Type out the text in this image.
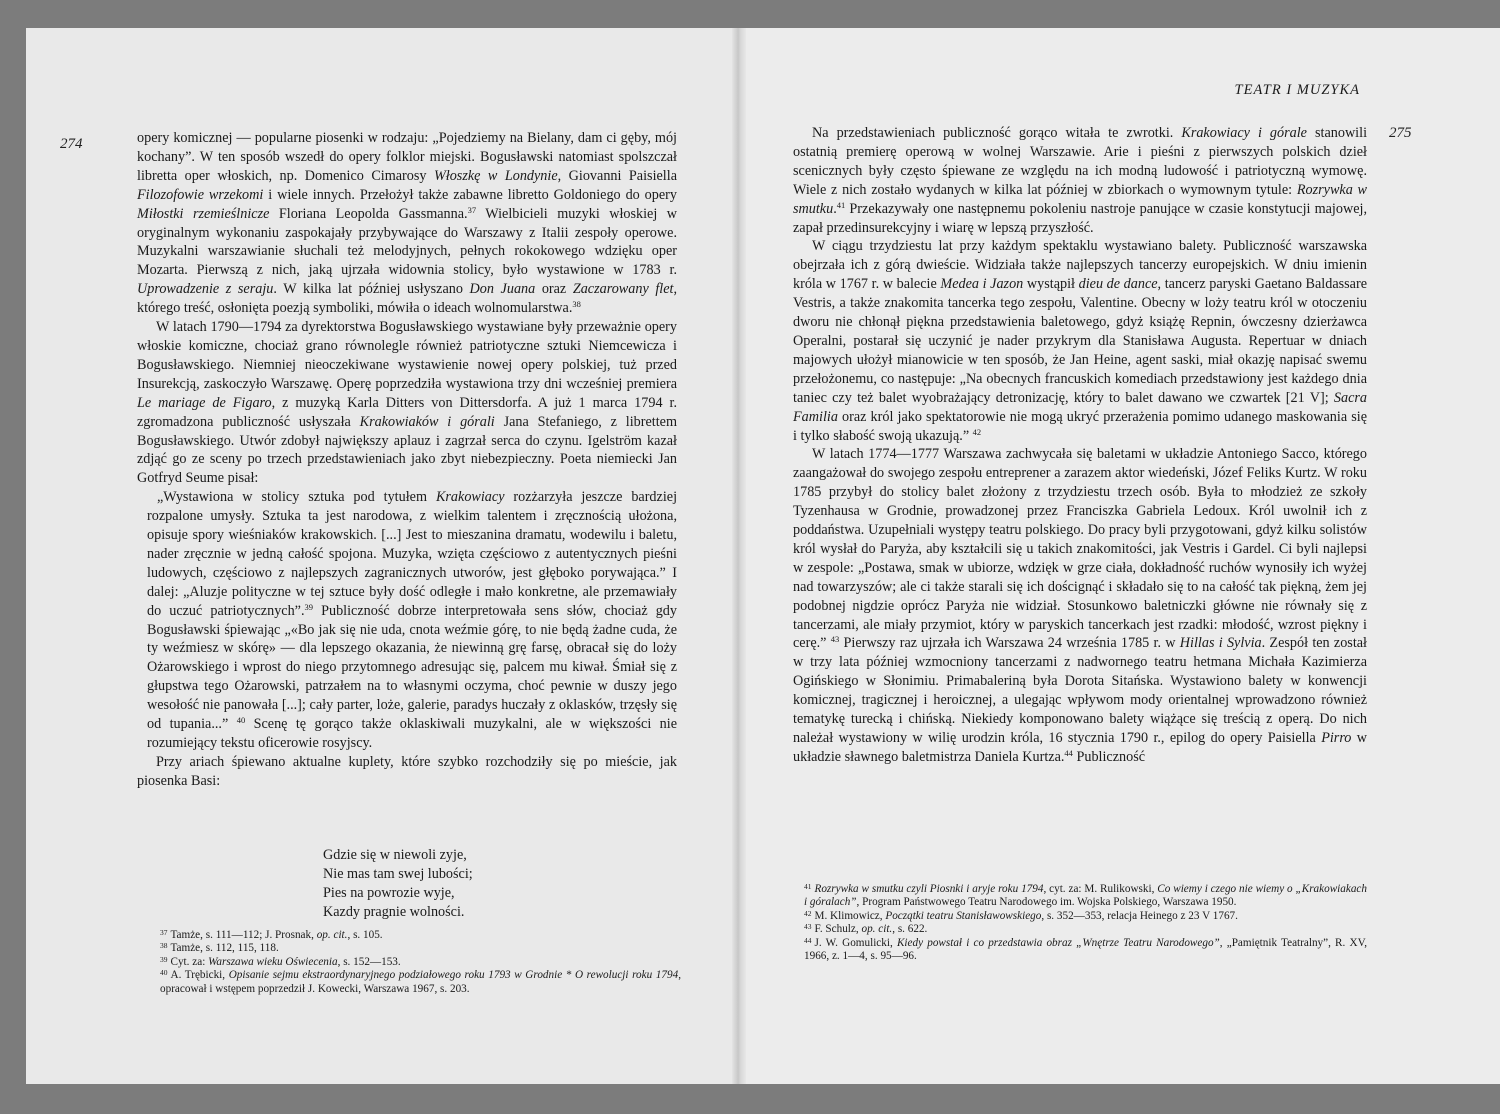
274	opery komicznej — popularne piosenki w rodzaju: „Pojedziemy na Bielany, dam ci gęby, mój kochany”. W ten sposób wszedł do opery folklor miejski. Bogusławski natomiast spolszczał libretta oper włoskich, np. Domenico Cimarosy Włoszkę w Londynie, Giovanni Paisiella Filozofowie wrzekomi i wiele innych. Przełożył także zabawne libretto Goldoniego do opery Miłostki rzemieślnicze Floriana Leopolda Gassmanna.$^{37}$ Wielbicieli muzyki włoskiej w oryginalnym wykonaniu zaspokajały przybywające do Warszawy z Italii zespoły operowe. Muzykalni warszawianie słuchali też melodyjnych, pełnych rokokowego wdzięku oper Mozarta. Pierwszą z nich, jaką ujrzała widownia stolicy, było wystawione w 1783 r. Uprowadzenie z seraju. W kilka lat później usłyszano Don Juana oraz Zaczarowany flet, którego treść, osłonięta poezją symboliki, mówiła o ideach wolnomularstwa.$^{38}$

W latach 1790—1794 za dyrektorstwa Bogusławskiego wystawiane były przeważnie opery włoskie komiczne, chociaż grano równolegle również patriotyczne sztuki Niemcewicza i Bogusławskiego. Niemniej nieoczekiwane wystawienie nowej opery polskiej, tuż przed Insurekcją, zaskoczyło Warszawę. Operę poprzedziła wystawiona trzy dni wcześniej premiera Le mariage de Figaro, z muzyką Karla Ditters von Dittersdorfa. A już 1 marca 1794 r. zgromadzona publiczność usłyszała Krakowiaków i górali Jana Stefaniego, z librettem Bogusławskiego. Utwór zdobył największy aplauz i zagrzał serca do czynu. Igelström kazał zdjąć go ze sceny po trzech przedstawieniach jako zbyt niebezpieczny. Poeta niemiecki Jan Gotfryd Seume pisał:

„Wystawiona w stolicy sztuka pod tytułem Krakowiacy rozżarzyła jeszcze bardziej rozpalone umysły. Sztuka ta jest narodowa, z wielkim talentem i zręcznością ułożona, opisuje spory wieśniaków krakowskich. [...] Jest to mieszanina dramatu, wodewilu i baletu, nader zręcznie w jedną całość spojona. Muzyka, wzięta częściowo z autentycznych pieśni ludowych, częściowo z najlepszych zagranicznych utworów, jest głęboko porywająca.” I dalej: „Aluzje polityczne w tej sztuce były dość odległe i mało konkretne, ale przemawiały do uczuć patriotycznych”.$^{39}$ Publiczność dobrze interpretowała sens słów, chociaż gdy Bogusławski śpiewając „«Bo jak się nie uda, cnota weźmie górę, to nie będą żadne cuda, że ty weźmiesz w skórę» — dla lepszego okazania, że niewinną grę farsę, obracał się do loży Ożarowskiego i wprost do niego przytomnego adresując się, palcem mu kiwał. Śmiał się z głupstwa tego Ożarowski, patrzałem na to własnymi oczyma, choć pewnie w duszy jego wesołość nie panowała [...]; cały parter, loże, galerie, paradys huczały z oklasków, trzęsły się od tupania...” $^{40}$ Scenę tę gorąco także oklaskiwali muzykalni, ale w większości nie rozumiejący tekstu oficerowie rosyjscy.

Przy ariach śpiewano aktualne kuplety, które szybko rozchodziły się po mieście, jak piosenka Basi:

Gdzie się w niewoli zyje,
Nie mas tam swej lubości;
Pies na powrozie wyje,
Kazdy pragnie wolności.

$^{37}$ Tamże, s. 111—112; J. Prosnak, op. cit., s. 105.

$^{38}$ Tamże, s. 112, 115, 118.

$^{39}$ Cyt. za: Warszawa wieku Oświecenia, s. 152—153.

$^{40}$ A. Trębicki, Opisanie sejmu ekstraordynaryjnego podziałowego roku 1793 w Grodnie * O rewolucji roku 1794, opracował i wstępem poprzedził J. Kowecki, Warszawa 1967, s. 203.

TEATR I MUZYKA
275

Na przedstawieniach publiczność gorąco witała te zwrotki. Krakowiacy i górale stanowili ostatnią premierę operową w wolnej Warszawie. Arie i pieśni z pierwszych polskich dzieł scenicznych były często śpiewane ze względu na ich modną ludowość i patriotyczną wymowę. Wiele z nich zostało wydanych w kilka lat później w zbiorkach o wymownym tytule: Rozrywka w smutku.$^{41}$ Przekazywały one następnemu pokoleniu nastroje panujące w czasie konstytucji majowej, zapał przedinsurekcyjny i wiarę w lepszą przyszłość.

W ciągu trzydziestu lat przy każdym spektaklu wystawiano balety. Publiczność warszawska obejrzała ich z górą dwieście. Widziała także najlepszych tancerzy europejskich. W dniu imienin króla w 1767 r. w balecie Medea i Jazon wystąpił dieu de dance, tancerz paryski Gaetano Baldassare Vestris, a także znakomita tancerka tego zespołu, Valentine. Obecny w loży teatru król w otoczeniu dworu nie chłonął piękna przedstawienia baletowego, gdyż książę Repnin, ówczesny dzierżawca Operalni, postarał się uczynić je nader przykrym dla Stanisława Augusta. Repertuar w dniach majowych ułożył mianowicie w ten sposób, że Jan Heine, agent saski, miał okazję napisać swemu przełożonemu, co następuje: „Na obecnych francuskich komediach przedstawiony jest każdego dnia taniec czy też balet wyobrażający detronizację, który to balet dawano we czwartek [21 V]; Sacra Familia oraz król jako spektatorowie nie mogą ukryć przerażenia pomimo udanego maskowania się i tylko słabość swoją ukazują.” $^{42}$

W latach 1774—1777 Warszawa zachwycała się baletami w układzie Antoniego Sacco, którego zaangażował do swojego zespołu entreprener a zarazem aktor wiedeński, Józef Feliks Kurtz. W roku 1785 przybył do stolicy balet złożony z trzydziestu trzech osób. Była to młodzież ze szkoły Tyzenhausa w Grodnie, prowadzonej przez Franciszka Gabriela Ledoux. Król uwolnił ich z poddaństwa. Uzupełniali występy teatru polskiego. Do pracy byli przygotowani, gdyż kilku solistów król wysłał do Paryża, aby kształcili się u takich znakomitości, jak Vestris i Gardel. Ci byli najlepsi w zespole: „Postawa, smak w ubiorze, wdzięk w grze ciała, dokładność ruchów wynosiły ich wyżej nad towarzyszów; ale ci także starali się ich doścignąć i składało się to na całość tak piękną, żem jej podobnej nigdzie oprócz Paryża nie widział. Stosunkowo baletniczki główne nie równały się z tancerzami, ale miały przymiot, który w paryskich tancerkach jest rzadki: młodość, wzrost piękny i cerę.” $^{43}$ Pierwszy raz ujrzała ich Warszawa 24 września 1785 r. w Hillas i Sylvia. Zespół ten został w trzy lata później wzmocniony tancerzami z nadwornego teatru hetmana Michała Kazimierza Ogińskiego w Słonimiu. Primabaleriną była Dorota Sitańska. Wystawiono balety w konwencji komicznej, tragicznej i heroicznej, a ulegając wpływom mody orientalnej wprowadzono również tematykę turecką i chińską. Niekiedy komponowano balety wiążące się treścią z operą. Do nich należał wystawiony w wilię urodzin króla, 16 stycznia 1790 r., epilog do opery Paisiella Pirro w układzie sławnego baletmistrza Daniela Kurtza.$^{44}$ Publiczność

$^{41}$ Rozrywka w smutku czyli Piosnki i aryje roku 1794, cyt. za: M. Rulikowski, Co wiemy i czego nie wiemy o „Krakowiakach i góralach”, Program Państwowego Teatru Narodowego im. Wojska Polskiego, Warszawa 1950.

$^{42}$ M. Klimowicz, Początki teatru Stanisławowskiego, s. 352—353, relacja Heinego z 23 V 1767.

$^{43}$ F. Schulz, op. cit., s. 622.

$^{44}$ J. W. Gomulicki, Kiedy powstał i co przedstawia obraz „Wnętrze Teatru Narodowego”, „Pamiętnik Teatralny”, R. XV, 1966, z. 1—4, s. 95—96.
